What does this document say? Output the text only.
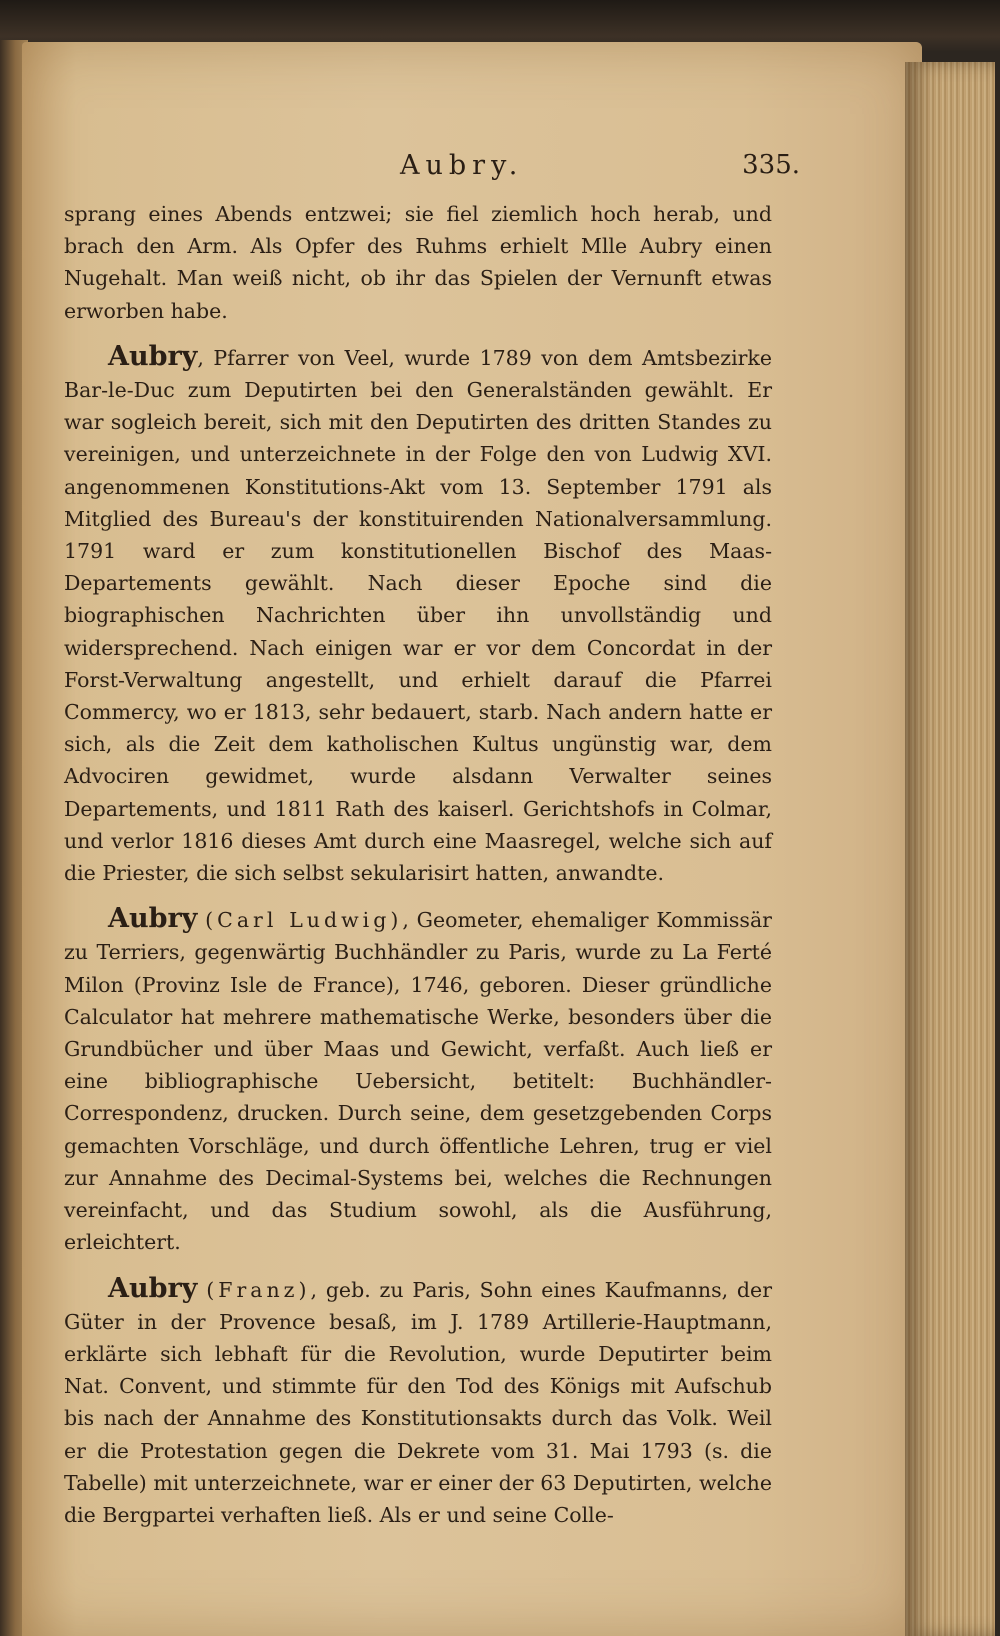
Aubry.	335.

sprang eines Abends entzwei; sie fiel ziemlich hoch herab, und brach den Arm. Als Opfer des Ruhms erhielt Mlle Aubry einen Nugehalt. Man weiß nicht, ob ihr das Spielen der Vernunft etwas erworben habe.

Aubry, Pfarrer von Veel, wurde 1789 von dem Amtsbezirke Bar-le-Duc zum Deputirten bei den Generalständen gewählt. Er war sogleich bereit, sich mit den Deputirten des dritten Standes zu vereinigen, und unterzeichnete in der Folge den von Ludwig XVI. angenommenen Konstitutions-Akt vom 13. September 1791 als Mitglied des Bureau's der konstituirenden Nationalversammlung. 1791 ward er zum konstitutionellen Bischof des Maas-Departements gewählt. Nach dieser Epoche sind die biographischen Nachrichten über ihn unvollständig und widersprechend. Nach einigen war er vor dem Concordat in der Forst-Verwaltung angestellt, und erhielt darauf die Pfarrei Commercy, wo er 1813, sehr bedauert, starb. Nach andern hatte er sich, als die Zeit dem katholischen Kultus ungünstig war, dem Advociren gewidmet, wurde alsdann Verwalter seines Departements, und 1811 Rath des kaiserl. Gerichtshofs in Colmar, und verlor 1816 dieses Amt durch eine Maasregel, welche sich auf die Priester, die sich selbst sekularisirt hatten, anwandte.

Aubry (Carl Ludwig), Geometer, ehemaliger Kommissär zu Terriers, gegenwärtig Buchhändler zu Paris, wurde zu La Ferté Milon (Provinz Isle de France), 1746, geboren. Dieser gründliche Calculator hat mehrere mathematische Werke, besonders über die Grundbücher und über Maas und Gewicht, verfaßt. Auch ließ er eine bibliographische Uebersicht, betitelt: Buchhändler-Correspondenz, drucken. Durch seine, dem gesetzgebenden Corps gemachten Vorschläge, und durch öffentliche Lehren, trug er viel zur Annahme des Decimal-Systems bei, welches die Rechnungen vereinfacht, und das Studium sowohl, als die Ausführung, erleichtert.

Aubry (Franz), geb. zu Paris, Sohn eines Kaufmanns, der Güter in der Provence besaß, im J. 1789 Artillerie-Hauptmann, erklärte sich lebhaft für die Revolution, wurde Deputirter beim Nat. Convent, und stimmte für den Tod des Königs mit Aufschub bis nach der Annahme des Konstitutionsakts durch das Volk. Weil er die Protestation gegen die Dekrete vom 31. Mai 1793 (s. die Tabelle) mit unterzeichnete, war er einer der 63 Deputirten, welche die Bergpartei verhaften ließ. Als er und seine Colle-
